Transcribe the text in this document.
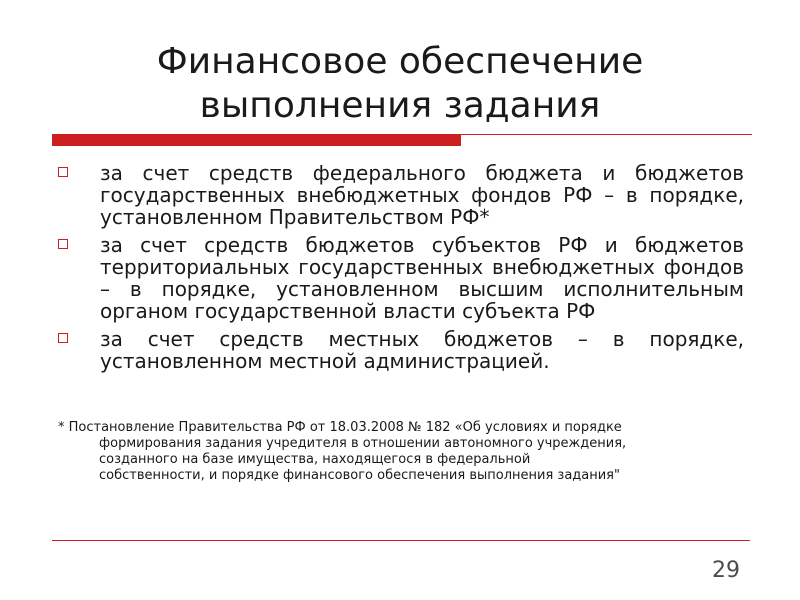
Финансовое обеспечение
выполнения задания
за счет средств федерального бюджета и бюджетов государственных внебюджетных фондов РФ – в порядке, установленном Правительством РФ*
за счет средств бюджетов субъектов РФ и бюджетов территориальных государственных внебюджетных фондов – в порядке, установленном высшим исполнительным органом государственной власти субъекта РФ
за счет средств местных бюджетов – в порядке, установленном местной администрацией.
* Постановление Правительства РФ от 18.03.2008 № 182 «Об условиях и порядке
формирования задания учредителя в отношении автономного учреждения,
созданного на базе имущества, находящегося в федеральной
собственности, и порядке финансового обеспечения выполнения задания"
29
